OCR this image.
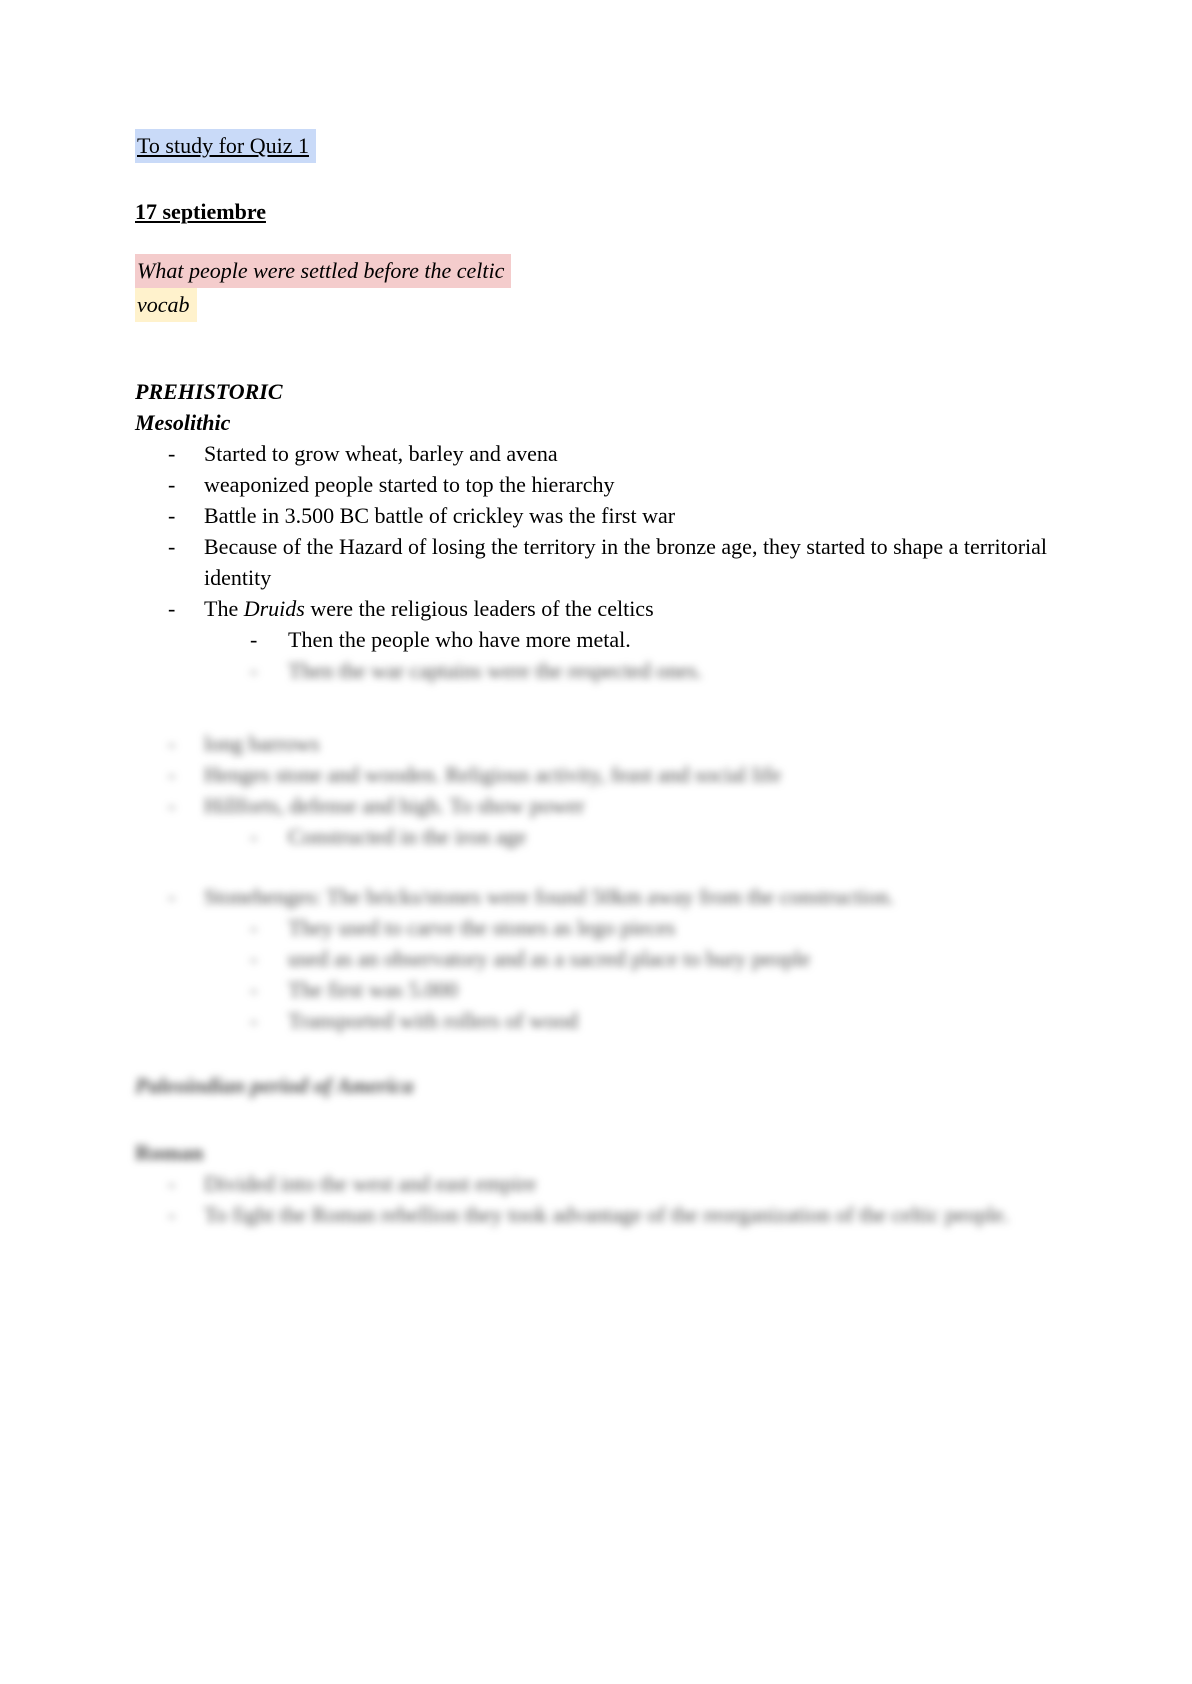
To study for Quiz 1
17 septiembre
What people were settled before the celtic
vocab
PREHISTORIC
Mesolithic
-	Started to grow wheat, barley and avena
-	weaponized people started to top the hierarchy
-	Battle in 3.500 BC battle of crickley was the first war
-	Because of the Hazard of losing the territory in the bronze age, they started to shape a territorial identity
-	The Druids were the religious leaders of the celtics
-	Then the people who have more metal.
-	Then the war captains were the respected ones.
-	long barrows
-	Henges stone and wooden. Religious activity, feast and social life
-	Hillforts, defense and high. To show power
-	Constructed in the iron age
-	Stonehenges: The bricks/stones were found 50km away from the construction.
-	They used to carve the stones as lego pieces
-	used as an observatory and as a sacred place to bury people
-	The first was 5.000
-	Transported with rollers of wood
Paleoindian period of America
Roman
-	Divided into the west and east empire
-	To fight the Roman rebellion they took advantage of the reorganization of the celtic people.
